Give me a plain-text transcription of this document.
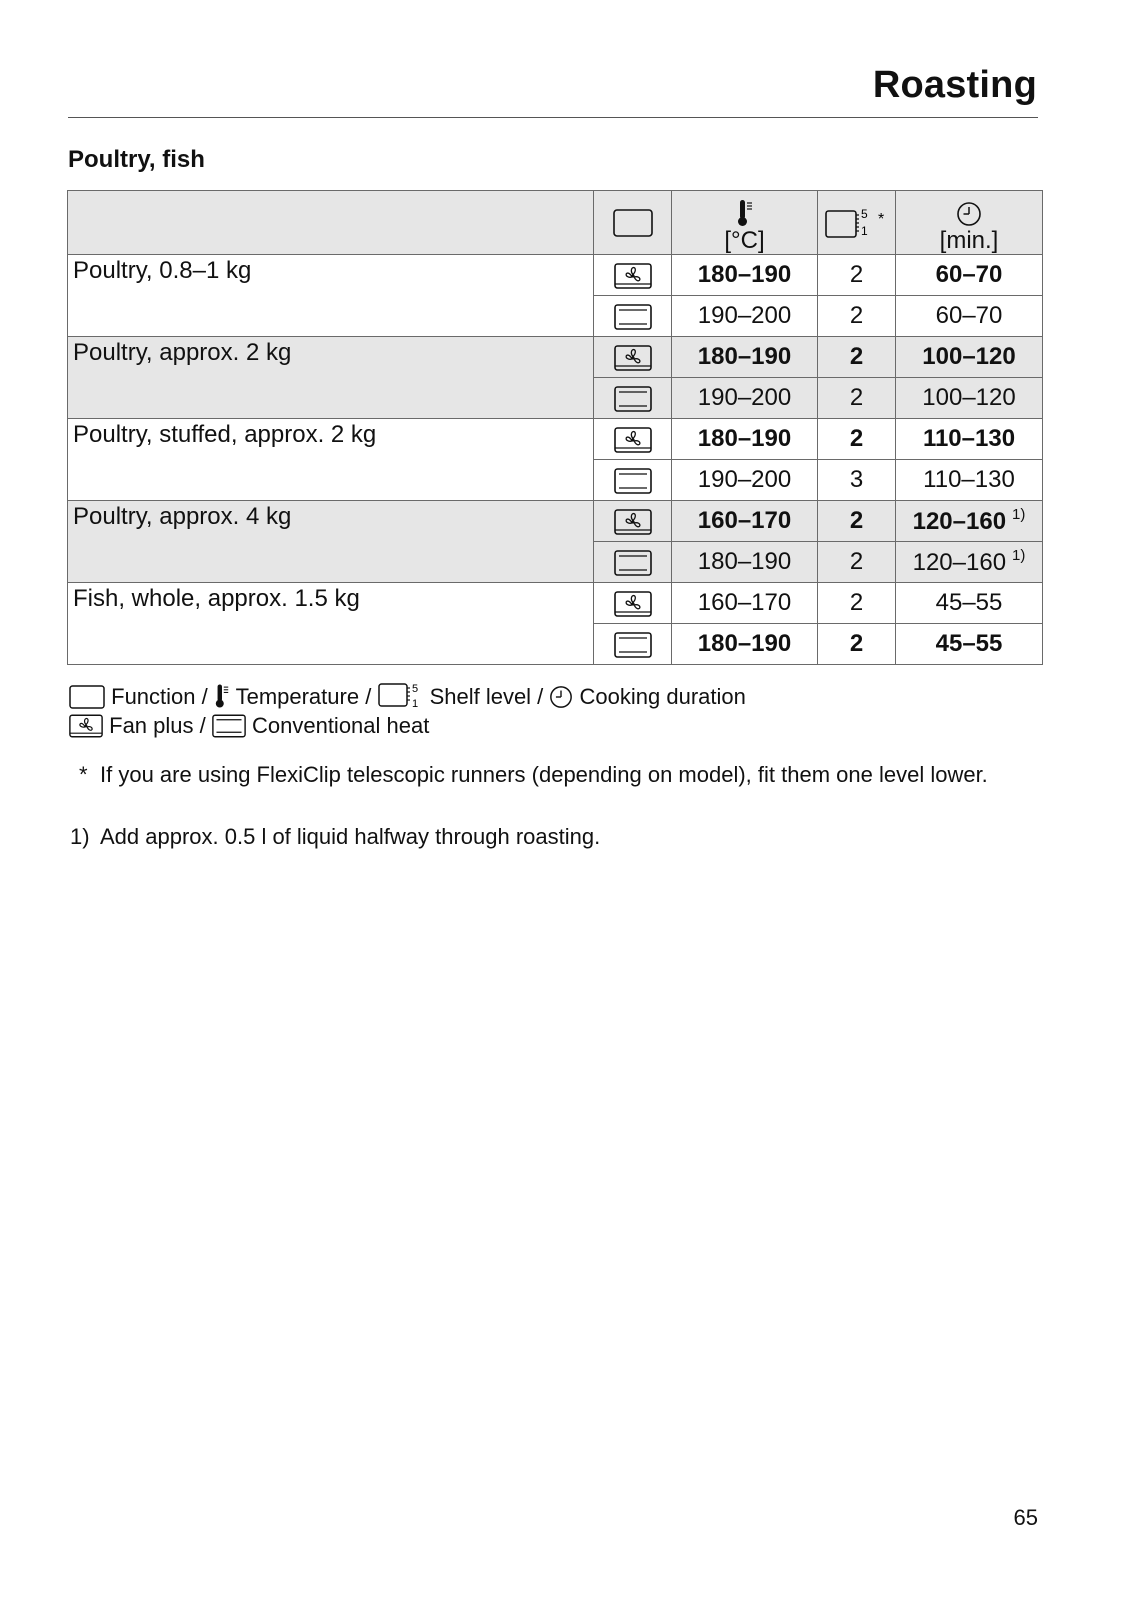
Roasting
Poultry, fish

[°C]	5
1
*	[min.]

Poultry, 0.8–1 kg		180–190	2	60–70
	190–200	2	60–70
Poultry, approx. 2 kg		180–190	2	100–120
	190–200	2	100–120
Poultry, stuffed, approx. 2 kg		180–190	2	110–130
	190–200	3	110–130
Poultry, approx. 4 kg		160–170	2	120–160 $^{1)}$
	180–190	2	120–160 $^{1)}$
Fish, whole, approx. 1.5 kg		160–170	2	45–55
	180–190	2	45–55

Function / Temperature /	5
1 Shelf level / Cooking duration

Fan plus / Conventional heat

* If you are using FlexiClip telescopic runners (depending on model), fit them one level lower.

1) Add approx. 0.5 l of liquid halfway through roasting.

65
